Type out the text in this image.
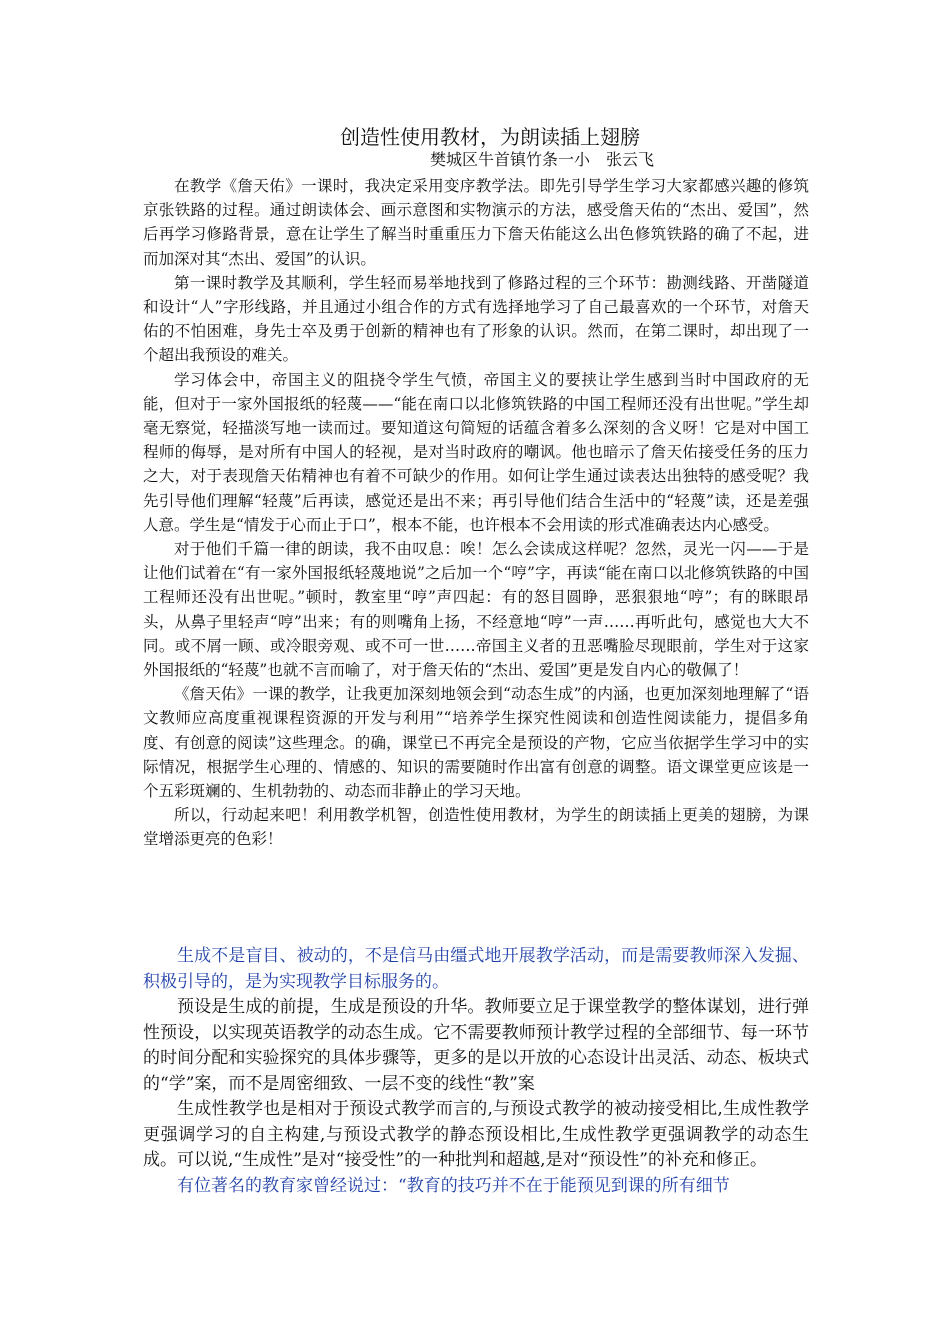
创造性使用教材，为朗读插上翅膀
樊城区牛首镇竹条一小　张云飞

在教学《詹天佑》一课时，我决定采用变序教学法。即先引导学生学习大家都感兴趣的修筑京张铁路的过程。通过朗读体会、画示意图和实物演示的方法，感受詹天佑的“杰出、爱国”，然后再学习修路背景，意在让学生了解当时重重压力下詹天佑能这么出色修筑铁路的确了不起，进而加深对其“杰出、爱国”的认识。

第一课时教学及其顺利，学生轻而易举地找到了修路过程的三个环节：勘测线路、开凿隧道和设计“人”字形线路，并且通过小组合作的方式有选择地学习了自己最喜欢的一个环节，对詹天佑的不怕困难，身先士卒及勇于创新的精神也有了形象的认识。然而，在第二课时，却出现了一个超出我预设的难关。

学习体会中，帝国主义的阻挠令学生气愤，帝国主义的要挟让学生感到当时中国政府的无能，但对于一家外国报纸的轻蔑——“能在南口以北修筑铁路的中国工程师还没有出世呢。”学生却毫无察觉，轻描淡写地一读而过。要知道这句简短的话蕴含着多么深刻的含义呀！它是对中国工程师的侮辱，是对所有中国人的轻视，是对当时政府的嘲讽。他也暗示了詹天佑接受任务的压力之大，对于表现詹天佑精神也有着不可缺少的作用。如何让学生通过读表达出独特的感受呢？我先引导他们理解“轻蔑”后再读，感觉还是出不来；再引导他们结合生活中的“轻蔑”读，还是差强人意。学生是“情发于心而止于口”，根本不能，也许根本不会用读的形式准确表达内心感受。

对于他们千篇一律的朗读，我不由叹息：唉！怎么会读成这样呢？忽然，灵光一闪——于是让他们试着在“有一家外国报纸轻蔑地说”之后加一个“哼”字，再读“能在南口以北修筑铁路的中国工程师还没有出世呢。”顿时，教室里“哼”声四起：有的怒目圆睁，恶狠狠地“哼”；有的眯眼昂头，从鼻子里轻声“哼”出来；有的则嘴角上扬，不经意地“哼”一声……再听此句，感觉也大大不同。或不屑一顾、或冷眼旁观、或不可一世……帝国主义者的丑恶嘴脸尽现眼前，学生对于这家外国报纸的“轻蔑”也就不言而喻了，对于詹天佑的“杰出、爱国”更是发自内心的敬佩了！

《詹天佑》一课的教学，让我更加深刻地领会到“动态生成”的内涵，也更加深刻地理解了“语文教师应高度重视课程资源的开发与利用”“培养学生探究性阅读和创造性阅读能力，提倡多角度、有创意的阅读”这些理念。的确，课堂已不再完全是预设的产物，它应当依据学生学习中的实际情况，根据学生心理的、情感的、知识的需要随时作出富有创意的调整。语文课堂更应该是一个五彩斑斓的、生机勃勃的、动态而非静止的学习天地。

所以，行动起来吧！利用教学机智，创造性使用教材，为学生的朗读插上更美的翅膀，为课堂增添更亮的色彩！

生成不是盲目、被动的，不是信马由缰式地开展教学活动，而是需要教师深入发掘、积极引导的，是为实现教学目标服务的。

预设是生成的前提，生成是预设的升华。教师要立足于课堂教学的整体谋划，进行弹性预设，以实现英语教学的动态生成。它不需要教师预计教学过程的全部细节、每一环节的时间分配和实验探究的具体步骤等，更多的是以开放的心态设计出灵活、动态、板块式的“学”案，而不是周密细致、一层不变的线性“教”案

生成性教学也是相对于预设式教学而言的,与预设式教学的被动接受相比,生成性教学更强调学习的自主构建,与预设式教学的静态预设相比,生成性教学更强调教学的动态生成。可以说,“生成性”是对“接受性”的一种批判和超越,是对“预设性”的补充和修正。

有位著名的教育家曾经说过：“教育的技巧并不在于能预见到课的所有细节
